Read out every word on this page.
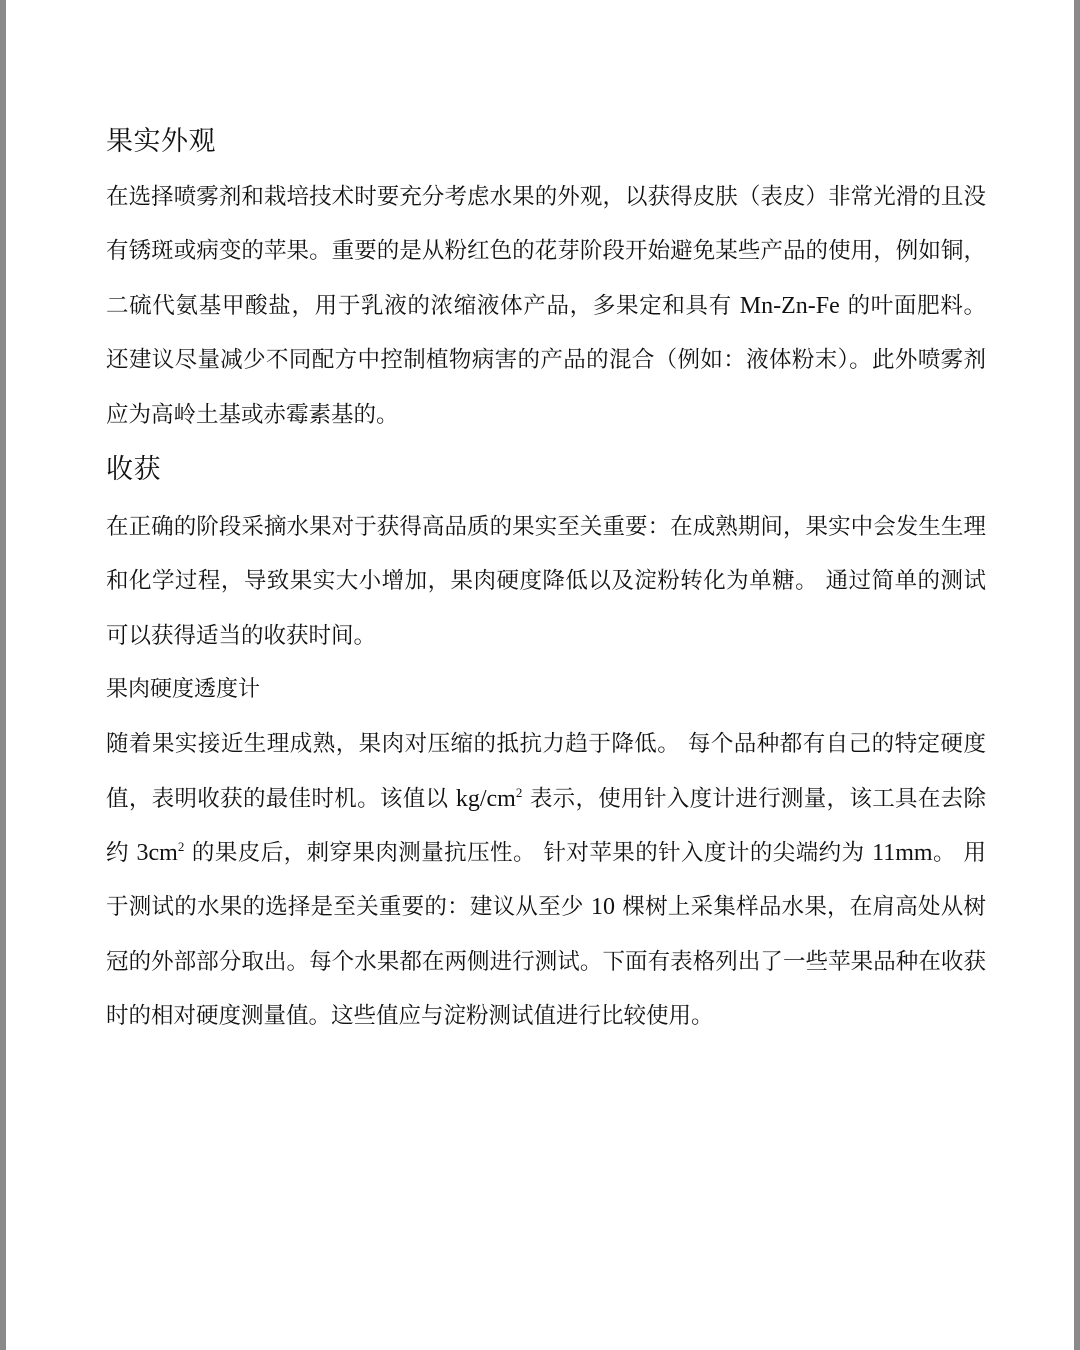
果实外观

在选择喷雾剂和栽培技术时要充分考虑水果的外观，以获得皮肤（表皮）非常光滑的且没有锈斑或病变的苹果。重要的是从粉红色的花芽阶段开始避免某些产品的使用，例如铜，二硫代氨基甲酸盐，用于乳液的浓缩液体产品，多果定和具有 Mn-Zn-Fe 的叶面肥料。 还建议尽量减少不同配方中控制植物病害的产品的混合（例如：液体粉末）。此外喷雾剂应为高岭土基或赤霉素基的。

收获

在正确的阶段采摘水果对于获得高品质的果实至关重要：在成熟期间，果实中会发生生理和化学过程，导致果实大小增加，果肉硬度降低以及淀粉转化为单糖。 通过简单的测试可以获得适当的收获时间。

果肉硬度透度计

随着果实接近生理成熟，果肉对压缩的抵抗力趋于降低。 每个品种都有自己的特定硬度值，表明收获的最佳时机。该值以 $kg/cm^2$ 表示，使用针入度计进行测量，该工具在去除约 $3cm^2$ 的果皮后，刺穿果肉测量抗压性。 针对苹果的针入度计的尖端约为 11mm。 用于测试的水果的选择是至关重要的：建议从至少 10 棵树上采集样品水果，在肩高处从树冠的外部部分取出。每个水果都在两侧进行测试。下面有表格列出了一些苹果品种在收获时的相对硬度测量值。这些值应与淀粉测试值进行比较使用。
